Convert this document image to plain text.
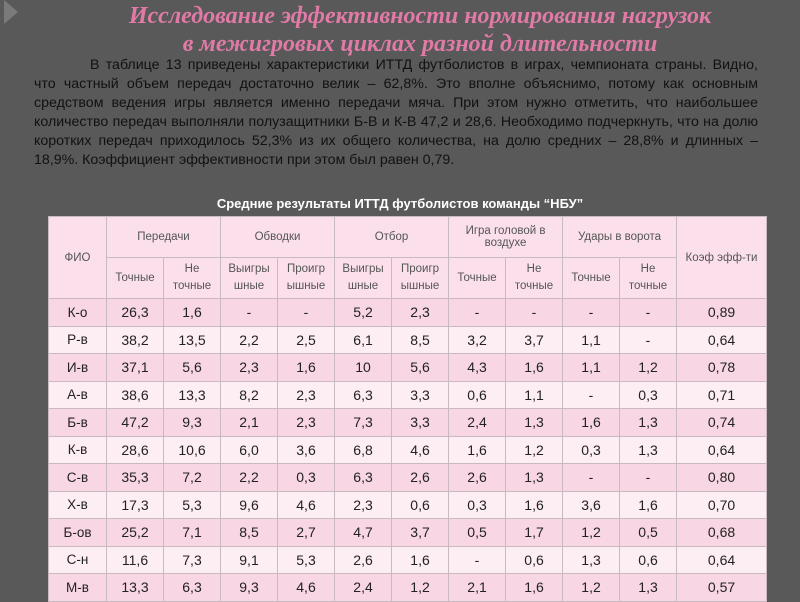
Исследование эффективности нормирования нагрузок
в межигровых циклах разной длительности

В таблице 13 приведены характеристики ИТТД футболистов в играх, чемпионата страны. Видно, что частный объем передач достаточно велик – 62,8%. Это вполне объяснимо, потому как основным средством ведения игры является именно передачи мяча. При этом нужно отметить, что наибольшее количество передач выполняли полузащитники Б-В и К-В 47,2 и 28,6. Необходимо подчеркнуть, что на долю коротких передач приходилось 52,3% из их общего количества, на долю средних – 28,8% и длинных – 18,9%. Коэффициент эффективности при этом был равен 0,79.

Средние результаты ИТТД футболистов команды “НБУ”
ФИО	Передачи		Обводки		Отбор		Игра головой в воздухе		Удары в ворота		Коэф эфф-ти
	Точные	Не точные	Выигры шные	Проигр ышные	Выигры шные	Проигр ышные	Точные	Не точные	Точные	Не точные	
К-о	26,3	1,6	-	-	5,2	2,3	-	-	-	-	0,89
Р-в	38,2	13,5	2,2	2,5	6,1	8,5	3,2	3,7	1,1	-	0,64
И-в	37,1	5,6	2,3	1,6	10	5,6	4,3	1,6	1,1	1,2	0,78
А-в	38,6	13,3	8,2	2,3	6,3	3,3	0,6	1,1	-	0,3	0,71
Б-в	47,2	9,3	2,1	2,3	7,3	3,3	2,4	1,3	1,6	1,3	0,74
К-в	28,6	10,6	6,0	3,6	6,8	4,6	1,6	1,2	0,3	1,3	0,64
С-в	35,3	7,2	2,2	0,3	6,3	2,6	2,6	1,3	-	-	0,80
Х-в	17,3	5,3	9,6	4,6	2,3	0,6	0,3	1,6	3,6	1,6	0,70
Б-ов	25,2	7,1	8,5	2,7	4,7	3,7	0,5	1,7	1,2	0,5	0,68
С-н	11,6	7,3	9,1	5,3	2,6	1,6	-	0,6	1,3	0,6	0,64
М-в	13,3	6,3	9,3	4,6	2,4	1,2	2,1	1,6	1,2	1,3	0,57
